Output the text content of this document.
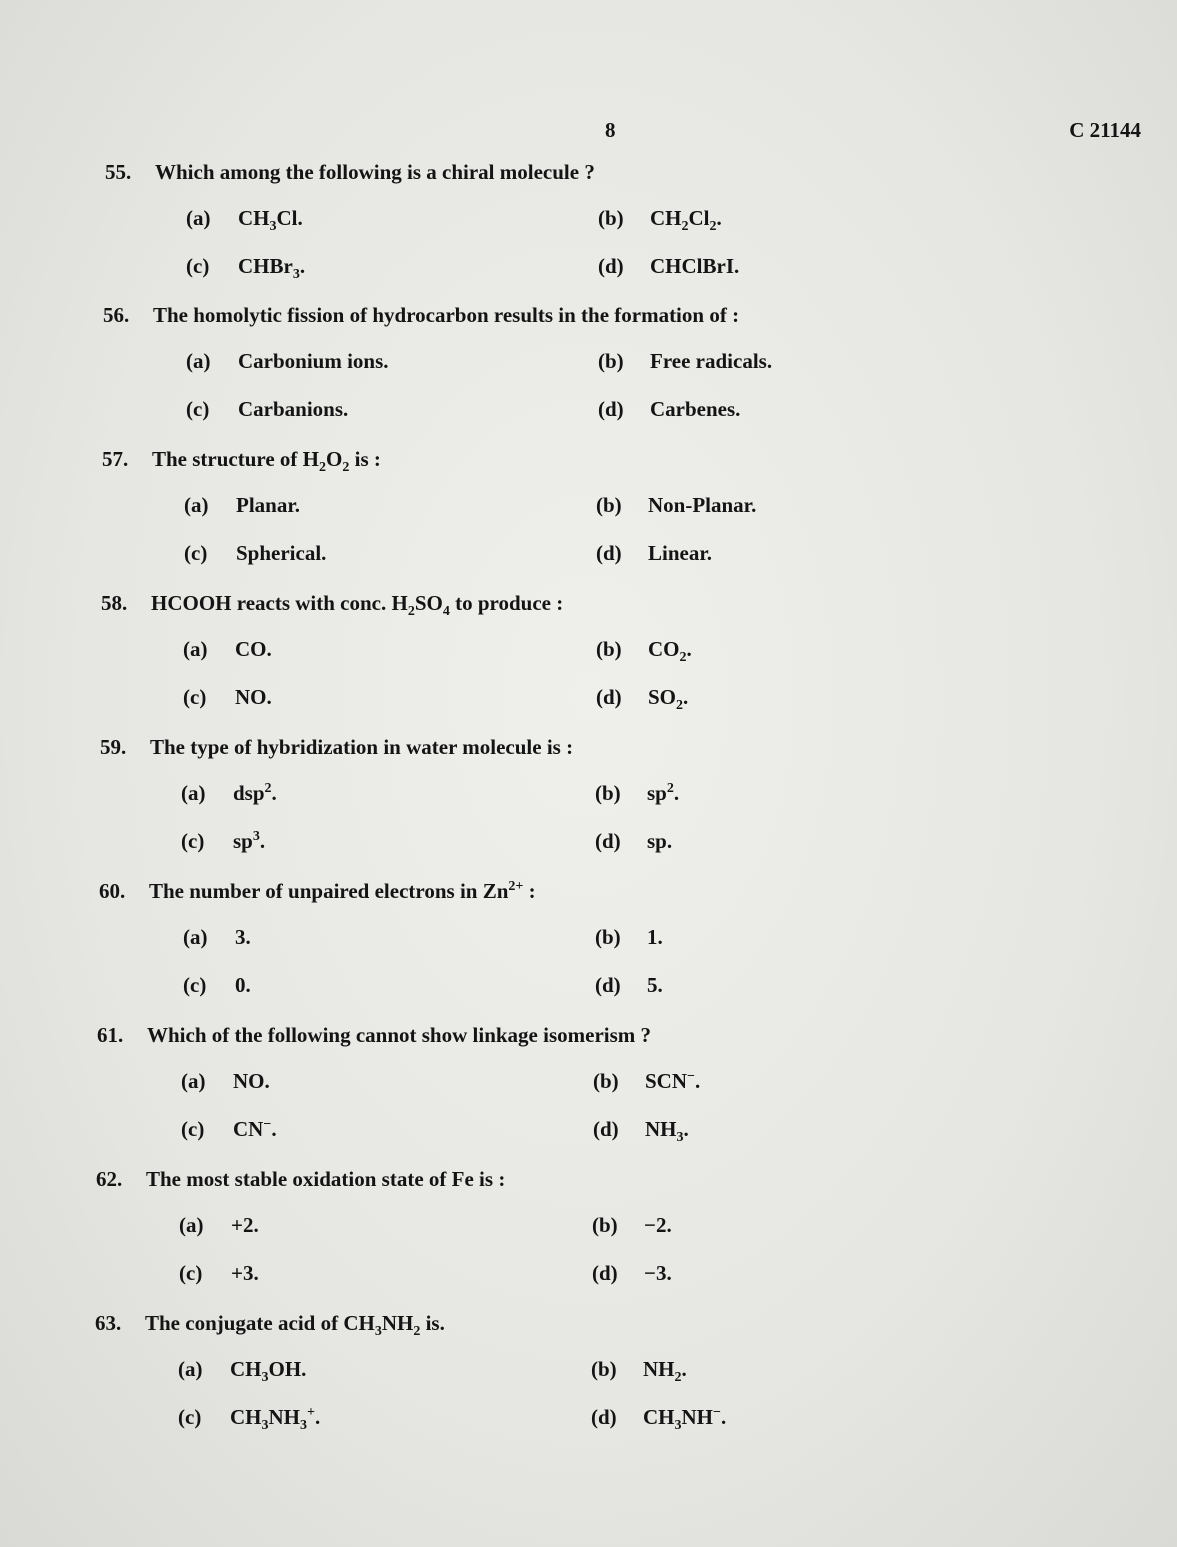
8	C 21144
55. Which among the following is a chiral molecule ?
(a) $CH_3Cl$.	(b) $CH_2Cl_2$.
(c) CHBr$_3$.	(d) CHClBrI.
56. The homolytic fission of hydrocarbon results in the formation of :
(a) Carbonium ions.	(b) Free radicals.
(c) Carbanions.	(d) Carbenes.
57. The structure of $H_2O_2$ is :
(a) Planar.	(b) Non-Planar.
(c) Spherical.	(d) Linear.
58. HCOOH reacts with conc. $H_2SO_4$ to produce :
(a) CO.	(b) $CO_2$.
(c) NO.	(d) $SO_2$.
59. The type of hybridization in water molecule is :
(a) dsp$^2$.	(b) $sp^2$.
(c) $sp^3$.	(d) sp.
60. The number of unpaired electrons in $Zn^{2+}$ :
(a) 3.	(b) 1.
(c) 0.	(d) 5.
61. Which of the following cannot show linkage isomerism ?
(a) NO.	(b) SCN−.
(c) CN−.	(d) $NH_3$.
62. The most stable oxidation state of Fe is :
(a) +2.	(b) −2.
(c) +3.	(d) −3.
63. The conjugate acid of $CH_3NH_2$ is.
(a) $CH_3OH$.	(b) $NH_2$.
(c) $CH_3NH_3^+$.	(d) $CH_3NH^-$.
